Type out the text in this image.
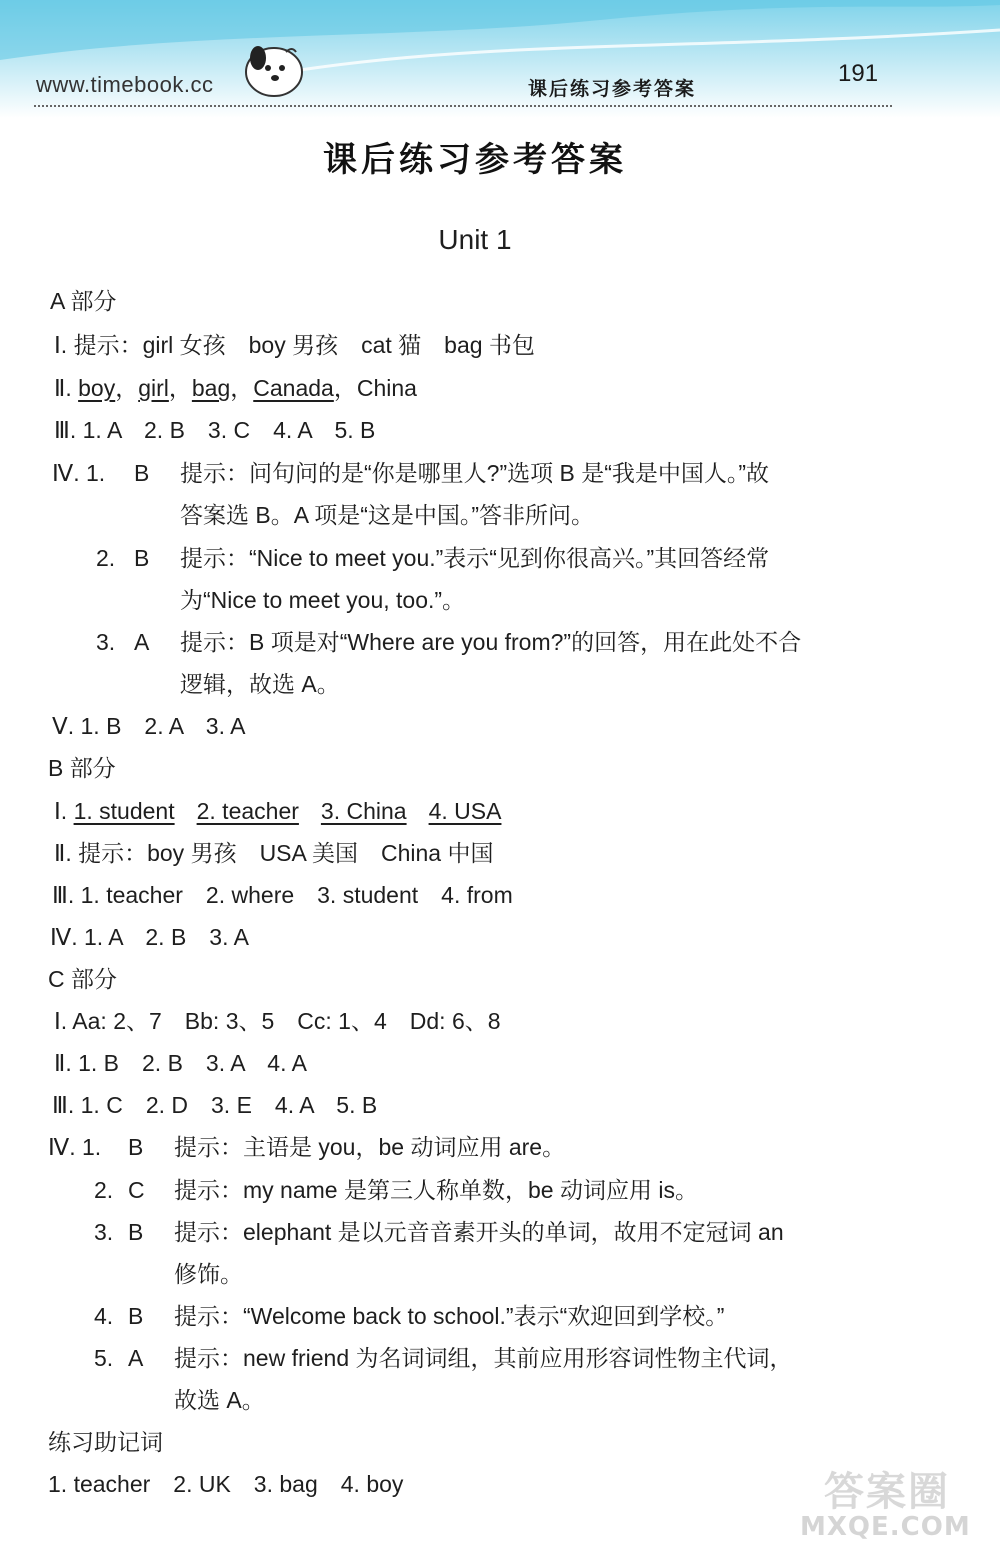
www.timebook.cc	课后练习参考答案
191
课后练习参考答案
Unit 1
A 部分
Ⅰ. 提示：girl 女孩　boy 男孩　cat 猫　bag 书包
Ⅱ. boy，girl，bag，Canada，China
Ⅲ. 1. A　2. B　3. C　4. A　5. B
Ⅳ. 1. B 提示：问句问的是“你是哪里人?”选项 B 是“我是中国人。”故
答案选 B。A 项是“这是中国。”答非所问。
2. B 提示：“Nice to meet you.”表示“见到你很高兴。”其回答经常
为“Nice to meet you, too.”。
3. A 提示：B 项是对“Where are you from?”的回答，用在此处不合
逻辑，故选 A。
Ⅴ. 1. B　2. A　3. A
B 部分
Ⅰ. 1. student 2. teacher 3. China 4. USA
Ⅱ. 提示：boy 男孩　USA 美国　China 中国
Ⅲ. 1. teacher　2. where　3. student　4. from
Ⅳ. 1. A　2. B　3. A
C 部分
Ⅰ. Aa: 2、7　Bb: 3、5　Cc: 1、4　Dd: 6、8
Ⅱ. 1. B　2. B　3. A　4. A
Ⅲ. 1. C　2. D　3. E　4. A　5. B
Ⅳ. 1. B 提示：主语是 you，be 动词应用 are。
2. C 提示：my name 是第三人称单数，be 动词应用 is。
3. B 提示：elephant 是以元音音素开头的单词，故用不定冠词 an
修饰。
4. B 提示：“Welcome back to school.”表示“欢迎回到学校。”
5. A 提示：new friend 为名词词组，其前应用形容词性物主代词，
故选 A。
练习助记词
1. teacher　2. UK　3. bag　4. boy	答案圈
MXQE.COM
